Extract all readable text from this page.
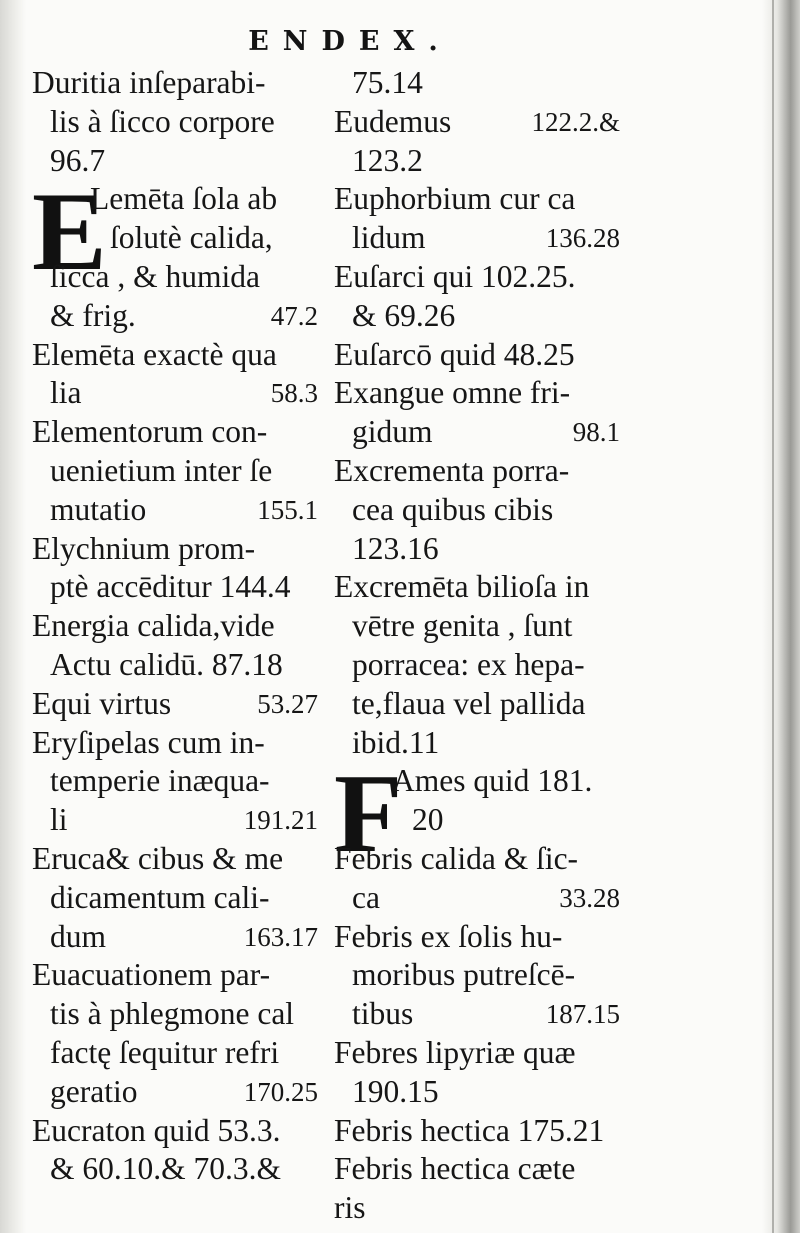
ENDEX.
Duritia inſeparabi-
lis à ſicco corpore
96.7
E
Lemēta ſola ab
ſolutè calida,
ſicca , & humida
& frig.	47.2
Elemēta exactè qua
lia	58.3
Elementorum con-
uenietium inter ſe
mutatio	155.1
Elychnium prom-
ptè accēditur 144.4
Energia calida,vide
Actu calidū. 87.18
Equi virtus	53.27
Eryſipelas cum in-
temperie inæqua-
li	191.21
Eruca& cibus & me
dicamentum cali-
dum	163.17
Euacuationem par-
tis à phlegmone cal
factę ſequitur refri
geratio	170.25
Eucraton quid 53.3.
& 60.10.& 70.3.&
75.14
Eudemus	122.2.&
123.2
Euphorbium cur ca
lidum	136.28
Euſarci qui 102.25.
& 69.26
Euſarcō quid 48.25
Exangue omne fri-
gidum	98.1
Excrementa porra-
cea quibus cibis
123.16
Excremēta bilioſa in
vētre genita , ſunt
porracea: ex hepa-
te,flaua vel pallida
ibid.11
F
Ames quid 181.
20
Febris calida & ſic-
ca	33.28
Febris ex ſolis hu-
moribus putreſcē-
tibus	187.15
Febres lipyriæ quæ
190.15
Febris hectica 175.21
Febris hectica cæte
ris
